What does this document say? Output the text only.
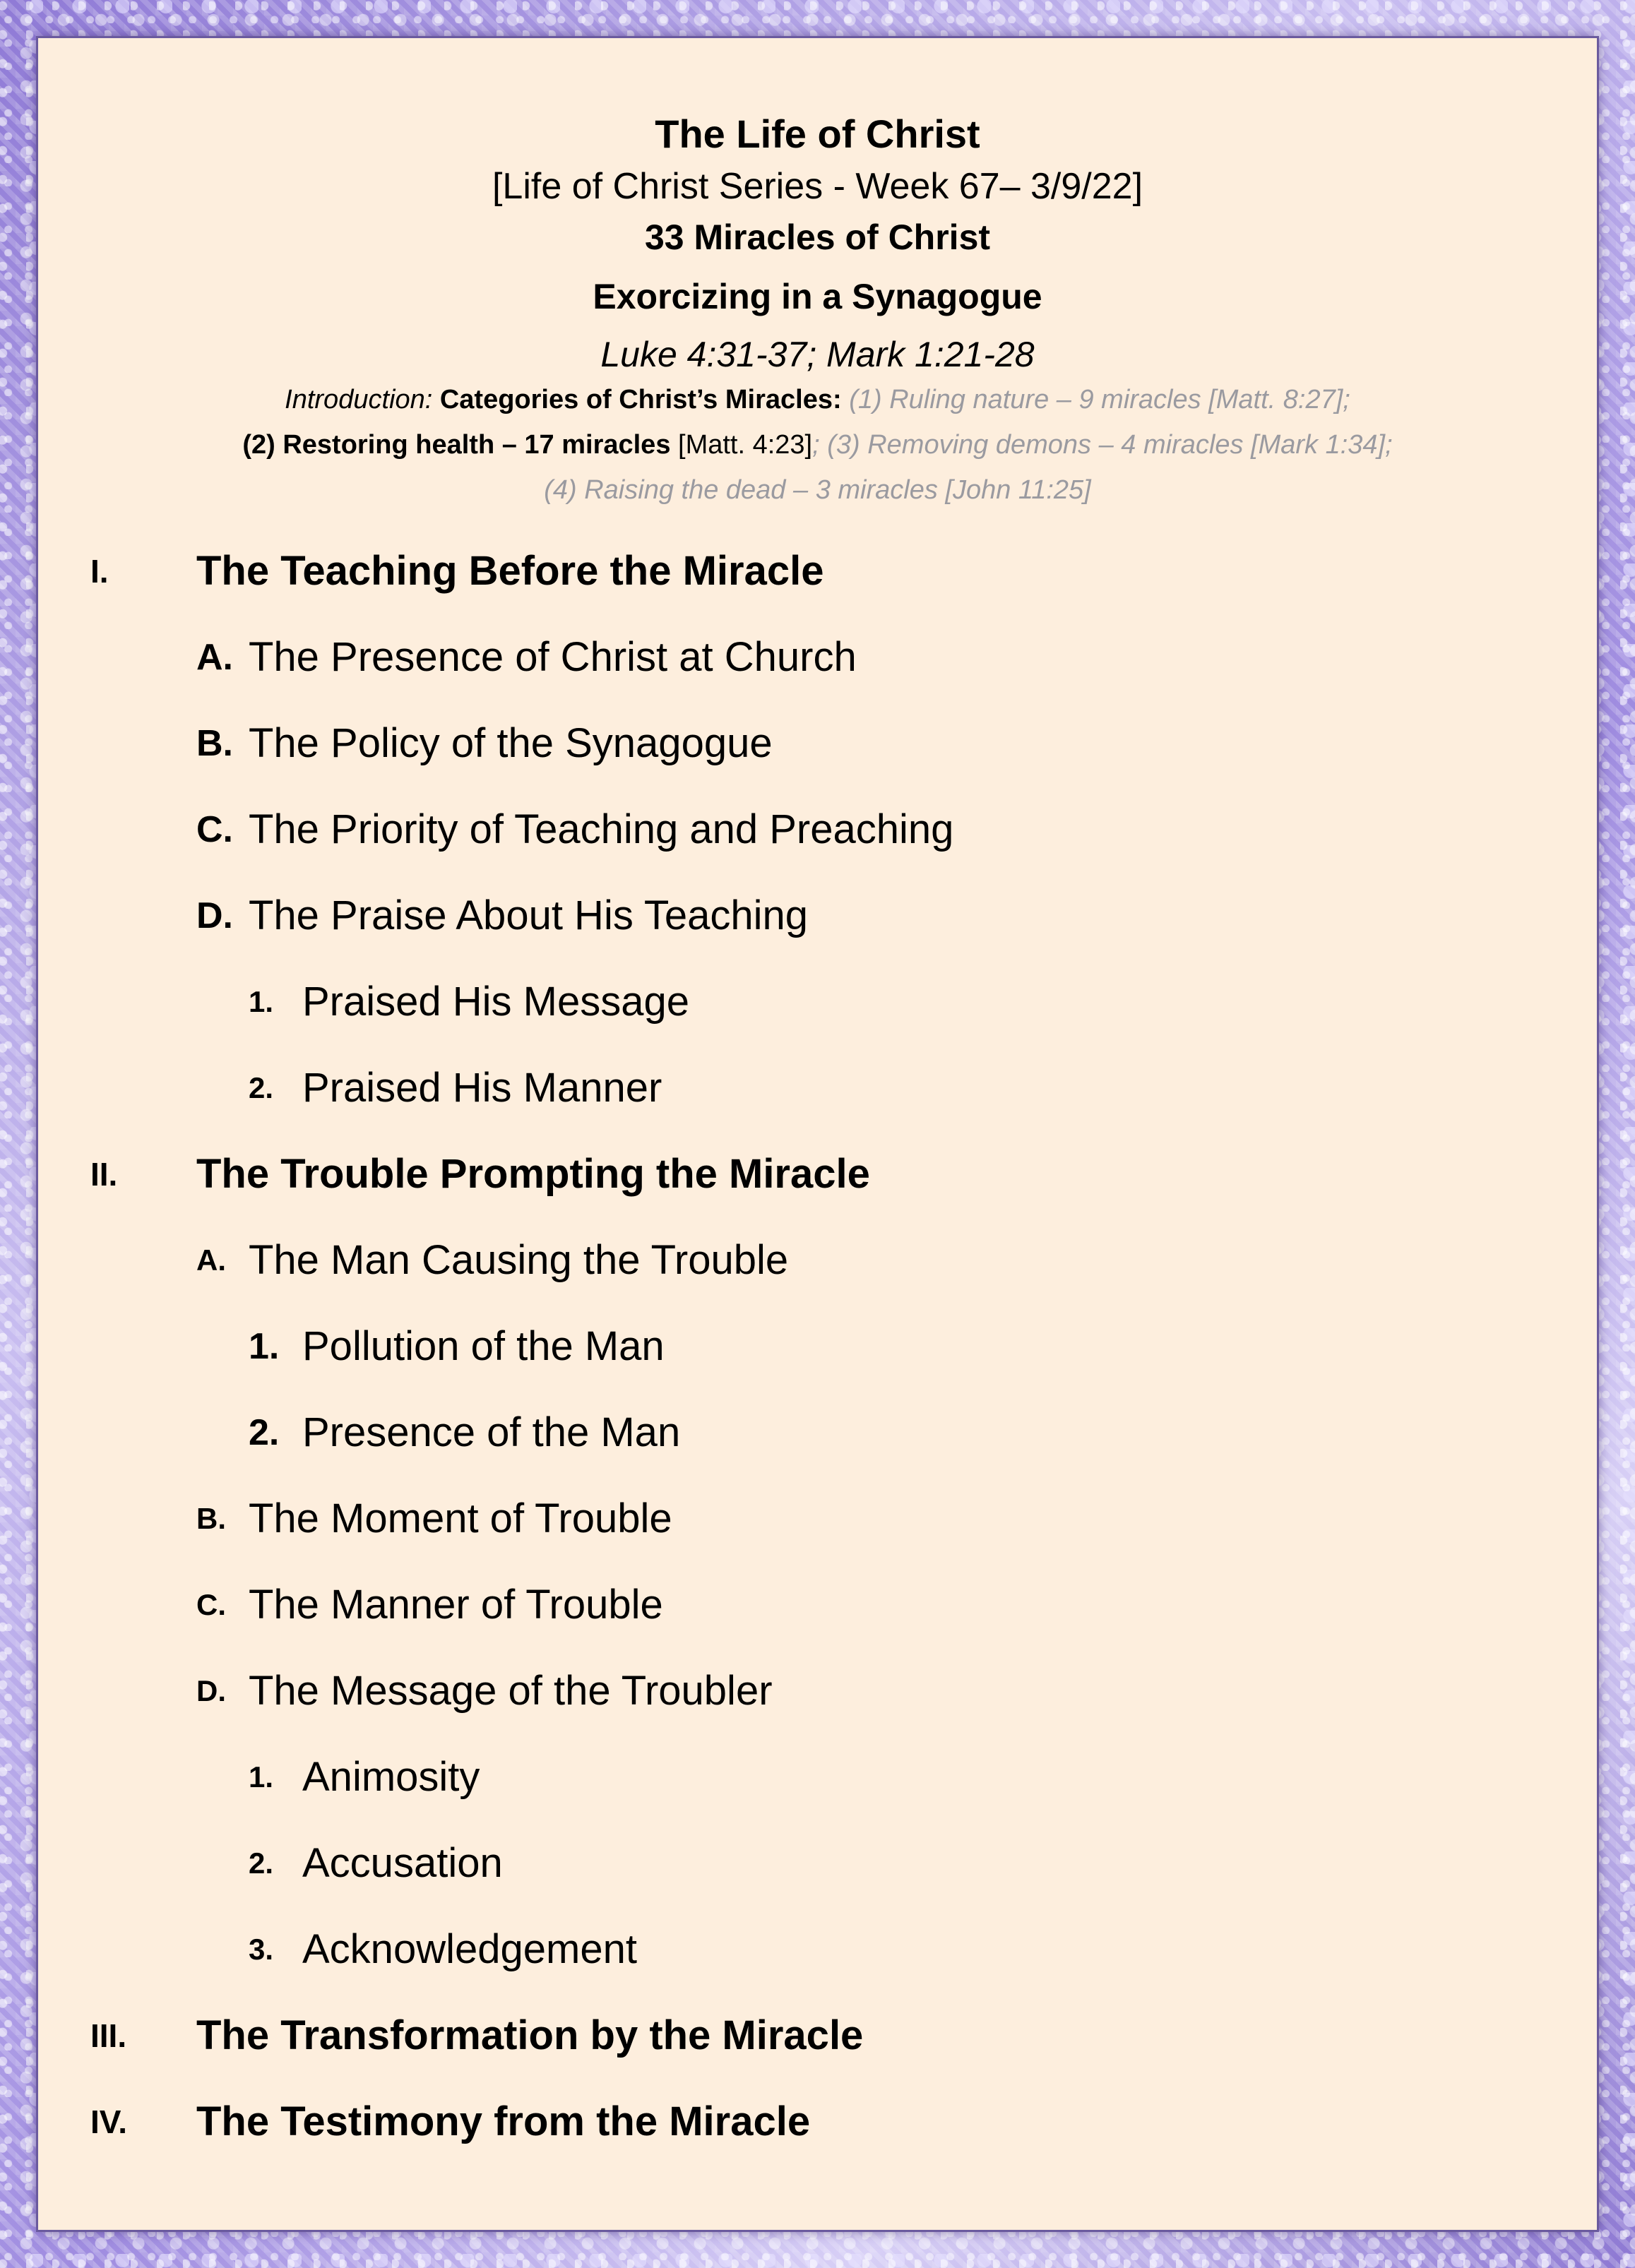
The Life of Christ
[Life of Christ Series - Week 67– 3/9/22]
33 Miracles of Christ
Exorcizing in a Synagogue
Luke 4:31-37; Mark 1:21-28
Introduction: Categories of Christ’s Miracles: (1) Ruling nature – 9 miracles [Matt. 8:27];
(2) Restoring health – 17 miracles [Matt. 4:23]; (3) Removing demons – 4 miracles [Mark 1:34];
(4) Raising the dead – 3 miracles [John 11:25]
I. The Teaching Before the Miracle
A. The Presence of Christ at Church
B. The Policy of the Synagogue
C. The Priority of Teaching and Preaching
D. The Praise About His Teaching
1. Praised His Message
2. Praised His Manner
II. The Trouble Prompting the Miracle
A. The Man Causing the Trouble
1. Pollution of the Man
2. Presence of the Man
B. The Moment of Trouble
C. The Manner of Trouble
D. The Message of the Troubler
1. Animosity
2. Accusation
3. Acknowledgement
III. The Transformation by the Miracle
IV. The Testimony from the Miracle
